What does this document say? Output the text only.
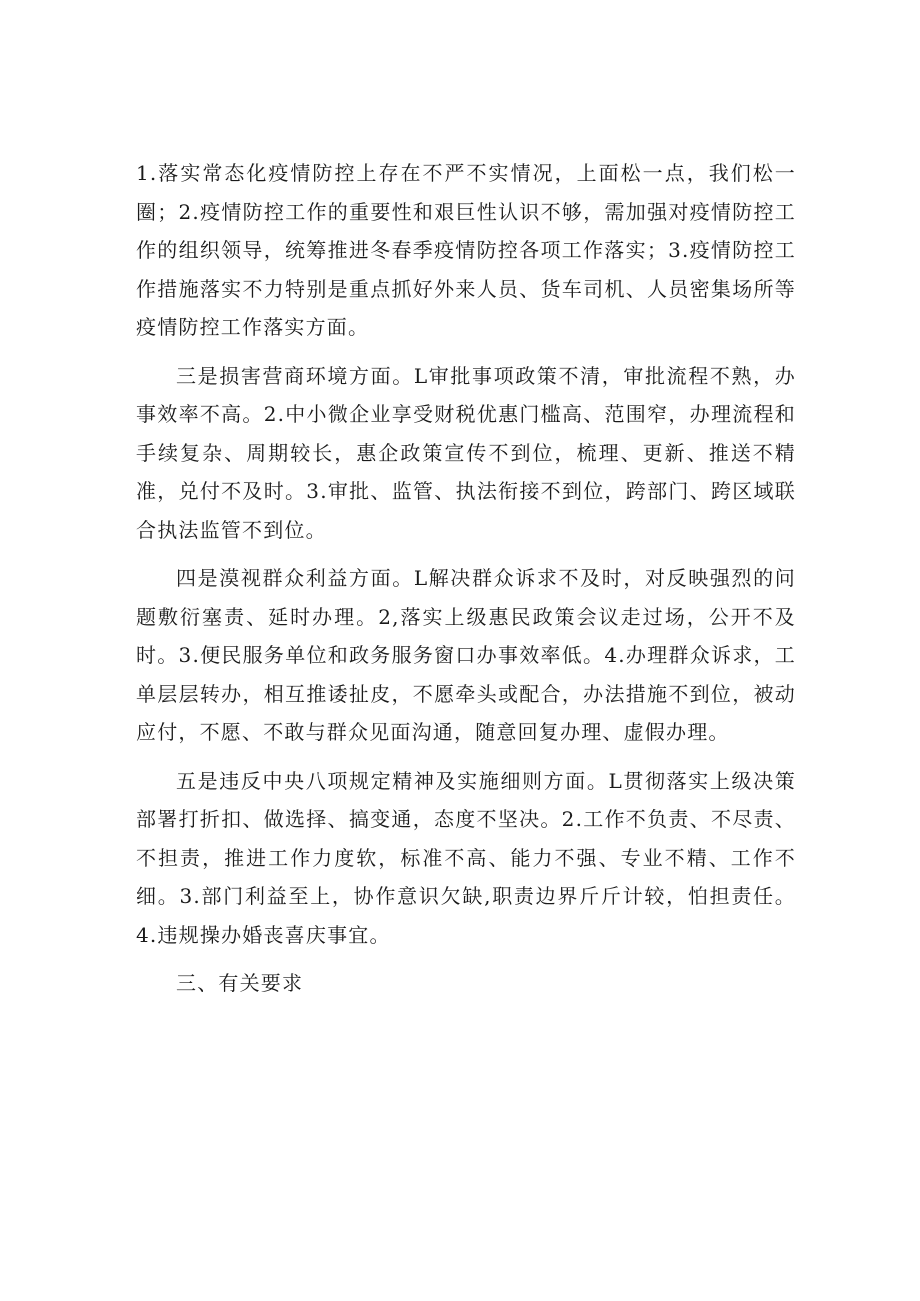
1.落实常态化疫情防控上存在不严不实情况，上面松一点，我们松一圈；2.疫情防控工作的重要性和艰巨性认识不够，需加强对疫情防控工作的组织领导，统筹推进冬春季疫情防控各项工作落实；3.疫情防控工作措施落实不力特别是重点抓好外来人员、货车司机、人员密集场所等疫情防控工作落实方面。

三是损害营商环境方面。L审批事项政策不清，审批流程不熟，办事效率不高。2.中小微企业享受财税优惠门槛高、范围窄，办理流程和手续复杂、周期较长，惠企政策宣传不到位，梳理、更新、推送不精准，兑付不及时。3.审批、监管、执法衔接不到位，跨部门、跨区域联合执法监管不到位。

四是漠视群众利益方面。L解决群众诉求不及时，对反映强烈的问题敷衍塞责、延时办理。2,落实上级惠民政策会议走过场，公开不及时。3.便民服务单位和政务服务窗口办事效率低。4.办理群众诉求，工单层层转办，相互推诿扯皮，不愿牵头或配合，办法措施不到位，被动应付，不愿、不敢与群众见面沟通，随意回复办理、虚假办理。

五是违反中央八项规定精神及实施细则方面。L贯彻落实上级决策部署打折扣、做选择、搞变通，态度不坚决。2.工作不负责、不尽责、不担责，推进工作力度软，标准不高、能力不强、专业不精、工作不细。3.部门利益至上，协作意识欠缺,职责边界斤斤计较，怕担责任。4.违规操办婚丧喜庆事宜。

三、有关要求
